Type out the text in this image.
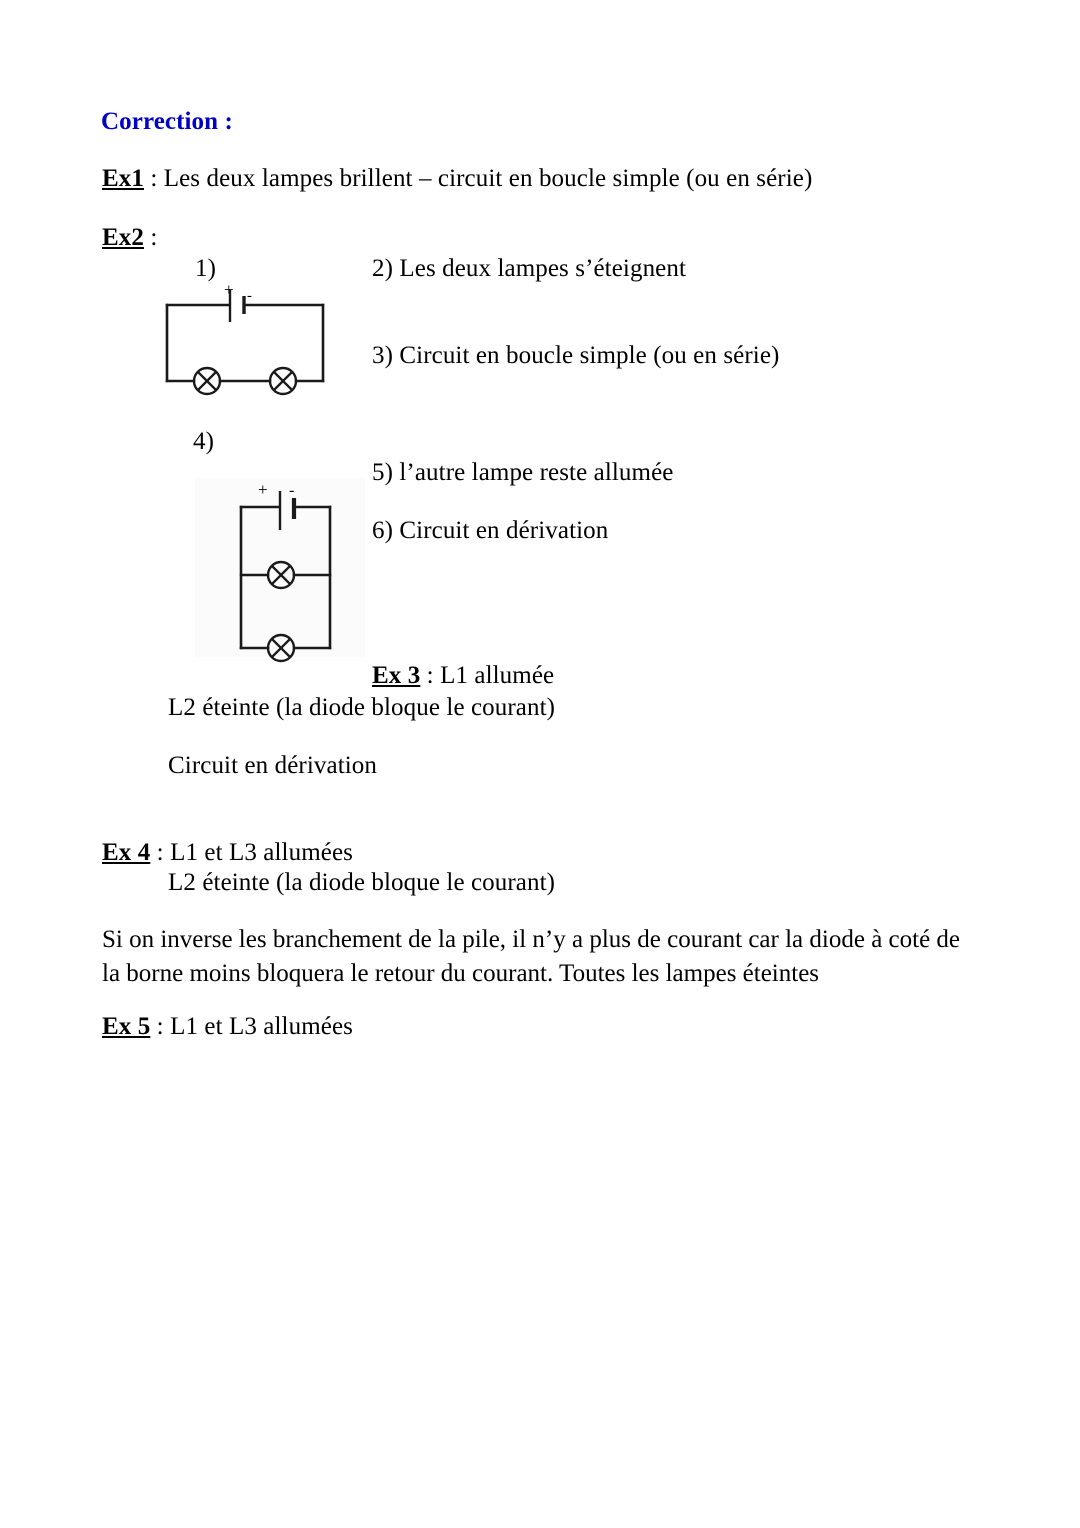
Correction :
Ex1 : Les deux lampes brillent – circuit en boucle simple (ou en série)
Ex2 :
1)	2) Les deux lampes s’éteignent
3) Circuit en boucle simple (ou en série)
4)
5) l’autre lampe reste allumée
6) Circuit en dérivation
+ -
+ -
Ex 3 : L1 allumée
L2 éteinte (la diode bloque le courant)
Circuit en dérivation
Ex 4 : L1 et L3 allumées
L2 éteinte (la diode bloque le courant)
Si on inverse les branchement de la pile, il n’y a plus de courant car la diode à coté de la borne moins bloquera le retour du courant. Toutes les lampes éteintes
Ex 5 : L1 et L3 allumées
